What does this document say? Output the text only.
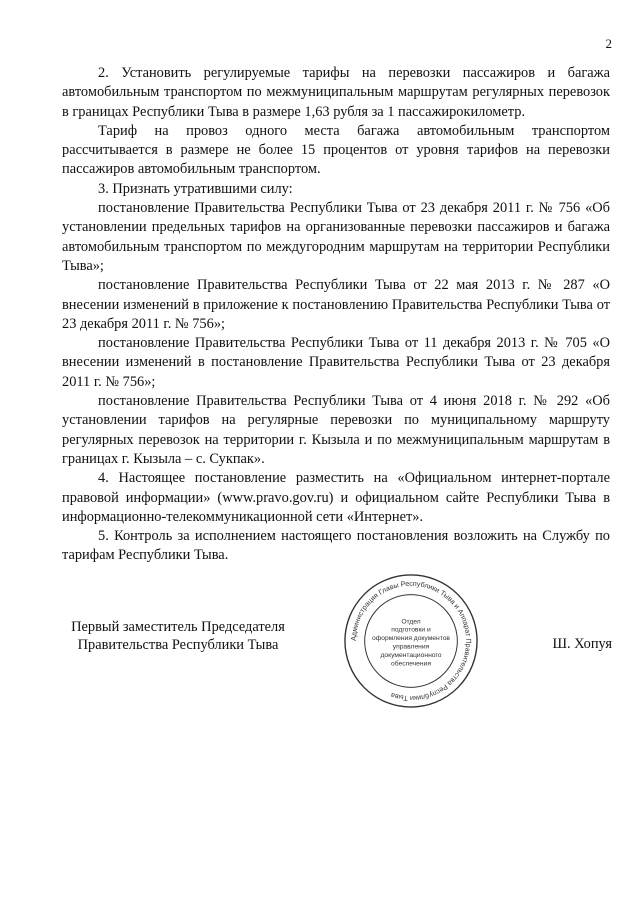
2

2. Установить регулируемые тарифы на перевозки пассажиров и багажа автомобильным транспортом по межмуниципальным маршрутам регулярных перевозок в границах Республики Тыва в размере 1,63 рубля за 1 пассажирокилометр.

Тариф на провоз одного места багажа автомобильным транспортом рассчитывается в размере не более 15 процентов от уровня тарифов на перевозки пассажиров автомобильным транспортом.

3. Признать утратившими силу:

постановление Правительства Республики Тыва от 23 декабря 2011 г. № 756 «Об установлении предельных тарифов на организованные перевозки пассажиров и багажа автомобильным транспортом по междугородним маршрутам на территории Республики Тыва»;

постановление Правительства Республики Тыва от 22 мая 2013 г. № 287 «О внесении изменений в приложение к постановлению Правительства Республики Тыва от 23 декабря 2011 г. № 756»;

постановление Правительства Республики Тыва от 11 декабря 2013 г. № 705 «О внесении изменений в постановление Правительства Республики Тыва от 23 декабря 2011 г. № 756»;

постановление Правительства Республики Тыва от 4 июня 2018 г. № 292 «Об установлении тарифов на регулярные перевозки по муниципальному маршруту регулярных перевозок на территории г. Кызыла и по межмуниципальным маршрутам в границах г. Кызыла – с. Сукпак».

4. Настоящее постановление разместить на «Официальном интернет-портале правовой информации» (www.pravo.gov.ru) и официальном сайте Республики Тыва в информационно-телекоммуникационной сети «Интернет».

5. Контроль за исполнением настоящего постановления возложить на Службу по тарифам Республики Тыва.

Первый заместитель Председателя
Правительства Республики Тыва	Администрация Главы Республики Тыва и Аппарат Правительства Республики Тыва
Отдел
подготовки и
оформления документов
управления
документационного
обеспечения
Ш. Хопуя
